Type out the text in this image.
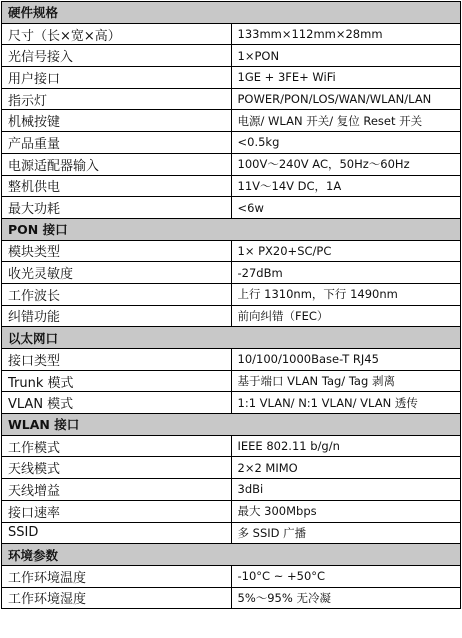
硬件规格	
尺寸（长×宽×高）	133mm×112mm×28mm
光信号接入	1×PON
用户接口	1GE + 3FE+ WiFi
指示灯	POWER/PON/LOS/WAN/WLAN/LAN
机械按键	电源/ WLAN 开关/ 复位 Reset 开关
产品重量	<0.5kg
电源适配器输入	100V～240V AC，50Hz～60Hz
整机供电	11V～14V DC，1A
最大功耗	<6w
PON 接口	
模块类型	1× PX20+SC/PC
收光灵敏度	-27dBm
工作波长	上行 1310nm，下行 1490nm
纠错功能	前向纠错（FEC）
以太网口	
接口类型	10/100/1000Base-T RJ45
Trunk 模式	基于端口 VLAN Tag/ Tag 剥离
VLAN 模式	1:1 VLAN/ N:1 VLAN/ VLAN 透传
WLAN 接口	
工作模式	IEEE 802.11 b/g/n
天线模式	2×2 MIMO
天线增益	3dBi
接口速率	最大 300Mbps
SSID	多 SSID 广播
环境参数	
工作环境温度	-10°C ~ +50°C
工作环境湿度	5%～95% 无冷凝
